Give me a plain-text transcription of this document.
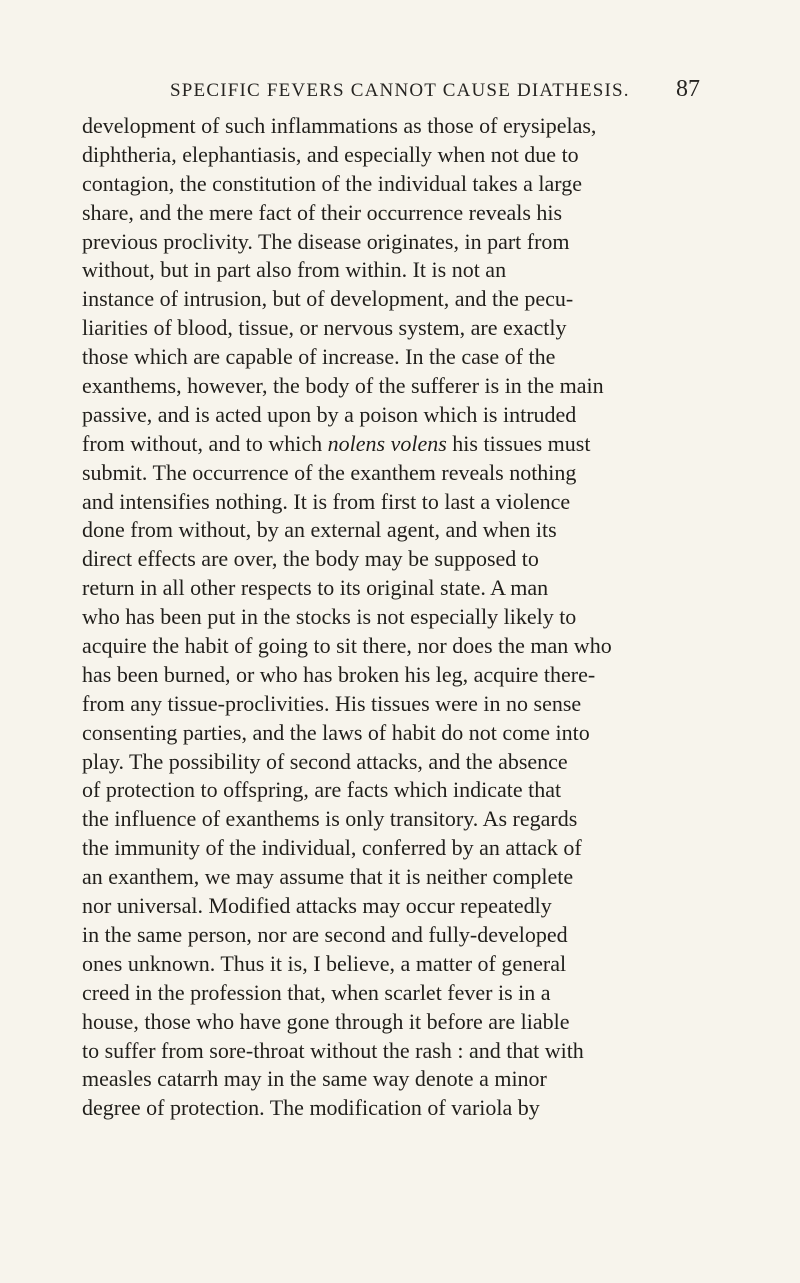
SPECIFIC FEVERS CANNOT CAUSE DIATHESIS. 87
development of such inflammations as those of erysipelas,
diphtheria, elephantiasis, and especially when not due to
contagion, the constitution of the individual takes a large
share, and the mere fact of their occurrence reveals his
previous proclivity. The disease originates, in part from
without, but in part also from within. It is not an
instance of intrusion, but of development, and the pecu-
liarities of blood, tissue, or nervous system, are exactly
those which are capable of increase. In the case of the
exanthems, however, the body of the sufferer is in the main
passive, and is acted upon by a poison which is intruded
from without, and to which nolens volens his tissues must
submit. The occurrence of the exanthem reveals nothing
and intensifies nothing. It is from first to last a violence
done from without, by an external agent, and when its
direct effects are over, the body may be supposed to
return in all other respects to its original state. A man
who has been put in the stocks is not especially likely to
acquire the habit of going to sit there, nor does the man who
has been burned, or who has broken his leg, acquire there-
from any tissue-proclivities. His tissues were in no sense
consenting parties, and the laws of habit do not come into
play. The possibility of second attacks, and the absence
of protection to offspring, are facts which indicate that
the influence of exanthems is only transitory. As regards
the immunity of the individual, conferred by an attack of
an exanthem, we may assume that it is neither complete
nor universal. Modified attacks may occur repeatedly
in the same person, nor are second and fully-developed
ones unknown. Thus it is, I believe, a matter of general
creed in the profession that, when scarlet fever is in a
house, those who have gone through it before are liable
to suffer from sore-throat without the rash : and that with
measles catarrh may in the same way denote a minor
degree of protection. The modification of variola by
